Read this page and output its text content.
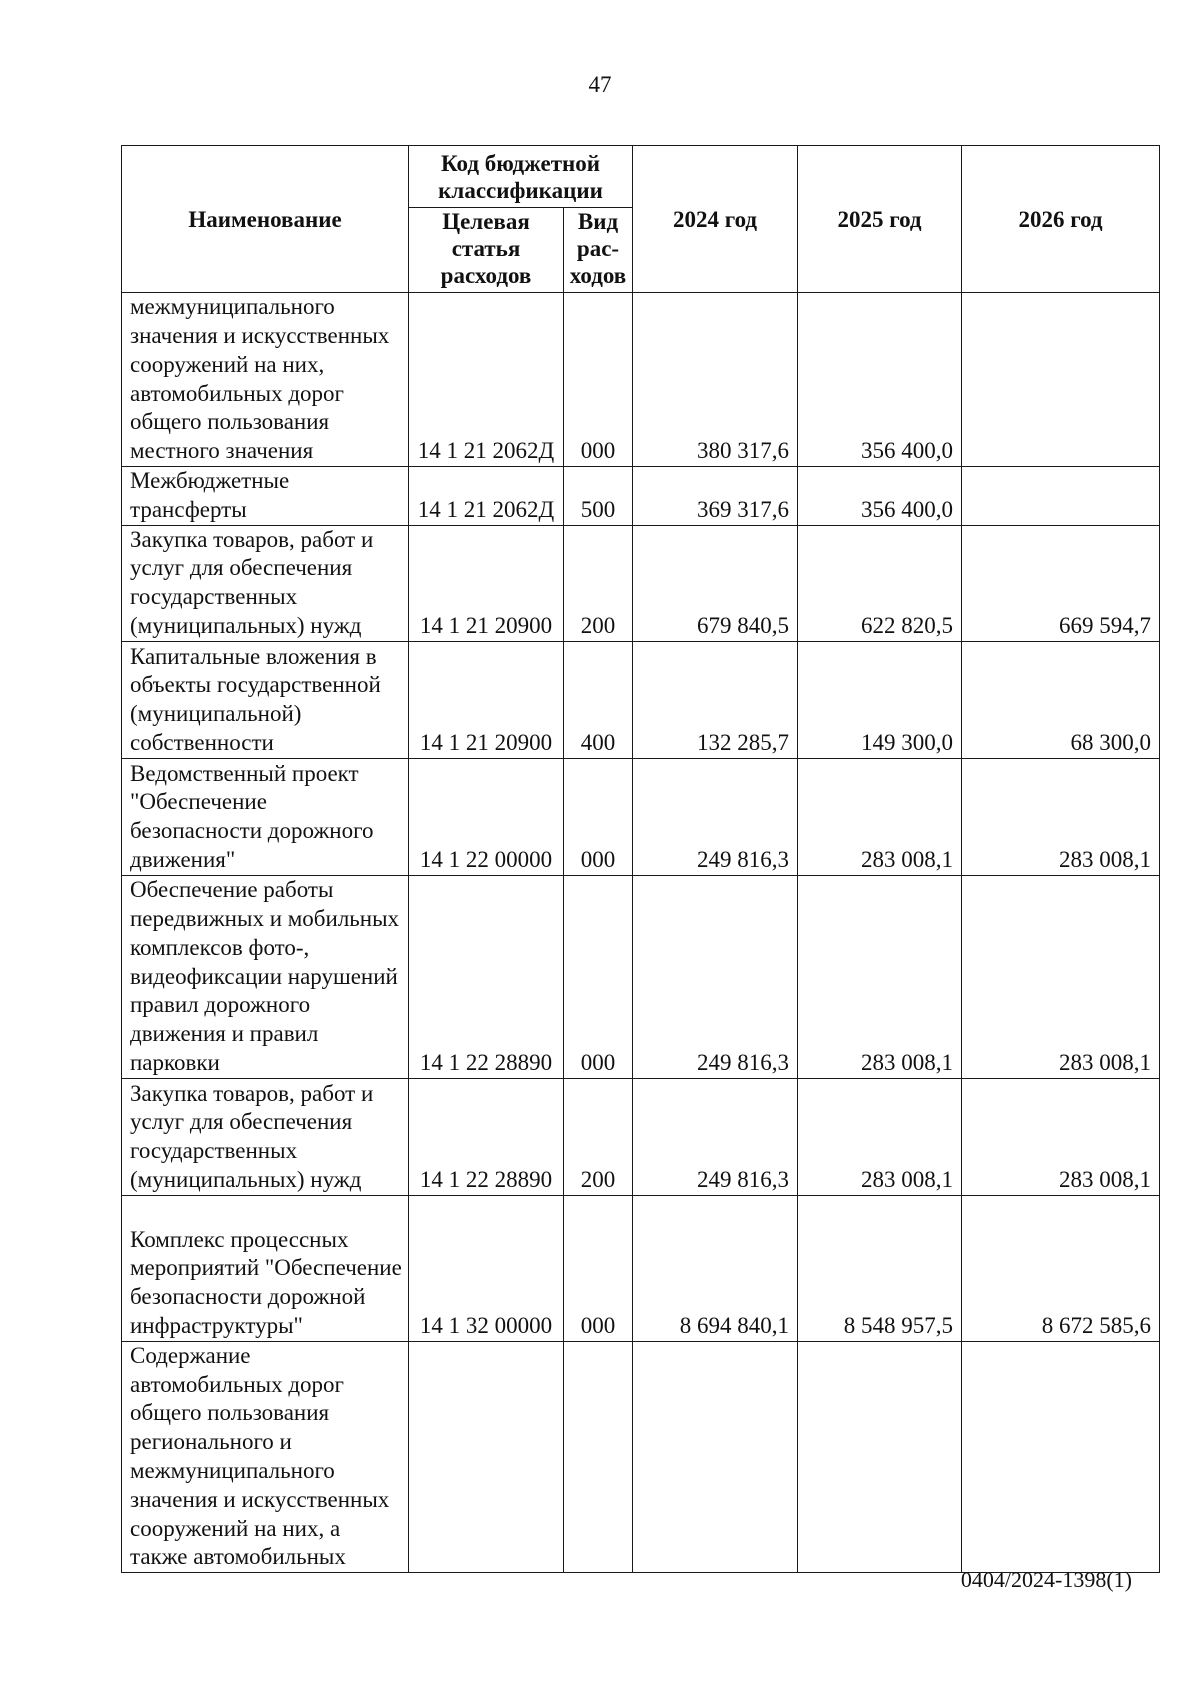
47
Наименование	Код бюджетной классификации		2024 год	2025 год	2026 год
	Целевая статья расходов	Вид рас-ходов			
межмуниципального значения и искусственных сооружений на них, автомобильных дорог общего пользования местного значения	14 1 21 2062Д	000	380 317,6	356 400,0	
Межбюджетные трансферты	14 1 21 2062Д	500	369 317,6	356 400,0	
Закупка товаров, работ и услуг для обеспечения государственных (муниципальных) нужд	14 1 21 20900	200	679 840,5	622 820,5	669 594,7
Капитальные вложения в объекты государственной (муниципальной) собственности	14 1 21 20900	400	132 285,7	149 300,0	68 300,0
Ведомственный проект "Обеспечение безопасности дорожного движения"	14 1 22 00000	000	249 816,3	283 008,1	283 008,1
Обеспечение работы передвижных и мобильных комплексов фото-, видеофиксации нарушений правил дорожного движения и правил парковки	14 1 22 28890	000	249 816,3	283 008,1	283 008,1
Закупка товаров, работ и услуг для обеспечения государственных (муниципальных) нужд	14 1 22 28890	200	249 816,3	283 008,1	283 008,1
Комплекс процессных мероприятий "Обеспечение безопасности дорожной инфраструктуры"	14 1 32 00000	000	8 694 840,1	8 548 957,5	8 672 585,6
Содержание автомобильных дорог общего пользования регионального и межмуниципального значения и искусственных сооружений на них, а также автомобильных					
0404/2024-1398(1)
